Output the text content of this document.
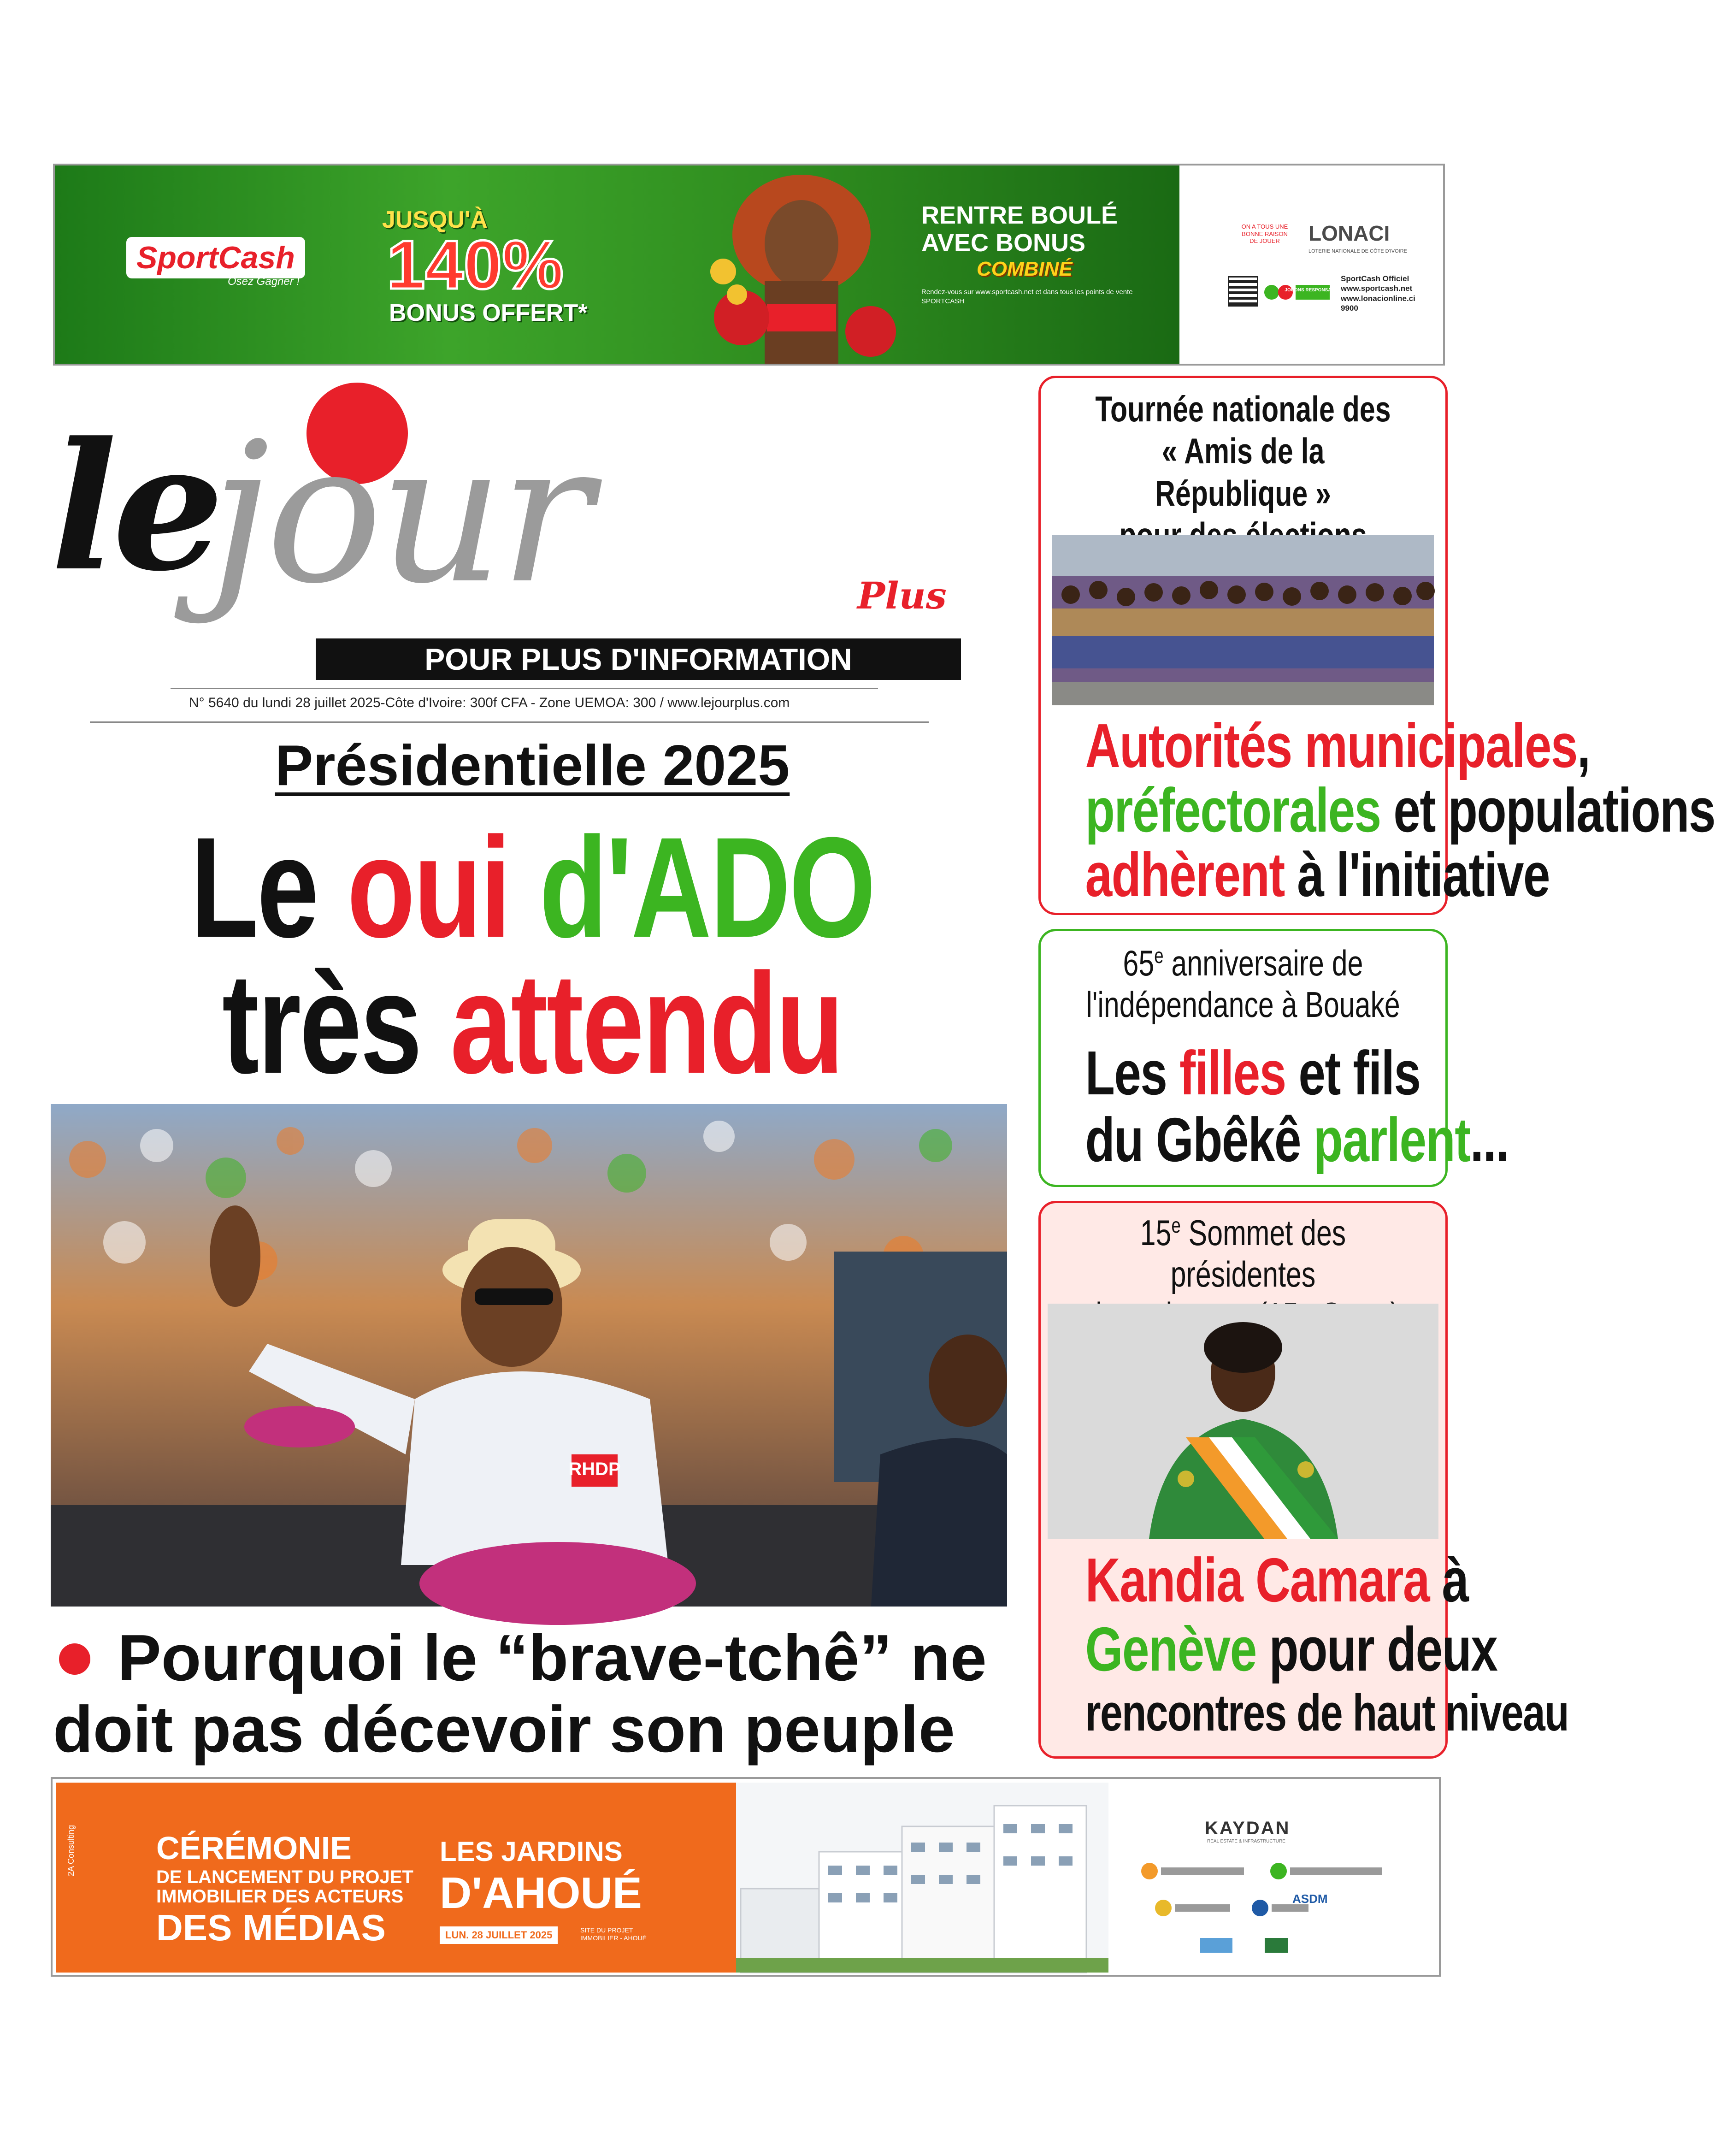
SportCash
Osez Gagner !
JUSQU'À
140%
BONUS OFFERT*
RENTRE BOULÉ
AVEC BONUS
COMBINÉ
Rendez-vous sur www.sportcash.net et dans tous les points de vente SPORTCASH
ON A TOUS UNE BONNE RAISON DE JOUER	LONACI
LOTERIE NATIONALE DE CÔTE D'IVOIRE
JOUONS RESPONSABLE
SportCash Officiel
www.sportcash.net
www.lonacionline.ci
9900
le
jour	Plus
POUR PLUS D'INFORMATION
N° 5640 du lundi 28 juillet 2025-Côte d'Ivoire: 300f CFA - Zone UEMOA: 300 / www.lejourplus.com
Présidentielle 2025
Le oui d'ADO
très attendu
RHDP
Pourquoi le “brave-tchê” ne
doit pas décevoir son peuple
Tournée nationale des
« Amis de la République »
Autorités municipales,
préfectorales et populations
adhèrent à l'initiative
65e anniversaire de
l'indépendance à Bouaké
Les filles et fils
du Gbêkê parlent...
15e Sommet des présidentes
Kandia Camara à
Genève pour deux
rencontres de haut niveau
2A Consulting	CÉRÉMONIE
DE LANCEMENT DU PROJET
IMMOBILIER DES ACTEURS
DES MÉDIAS
LES JARDINS
D'AHOUÉ
LUN. 28 JUILLET 2025	SITE DU PROJET IMMOBILIER - AHOUÉ
KAYDAN
REAL ESTATE & INFRASTRUCTURE
ASDM
